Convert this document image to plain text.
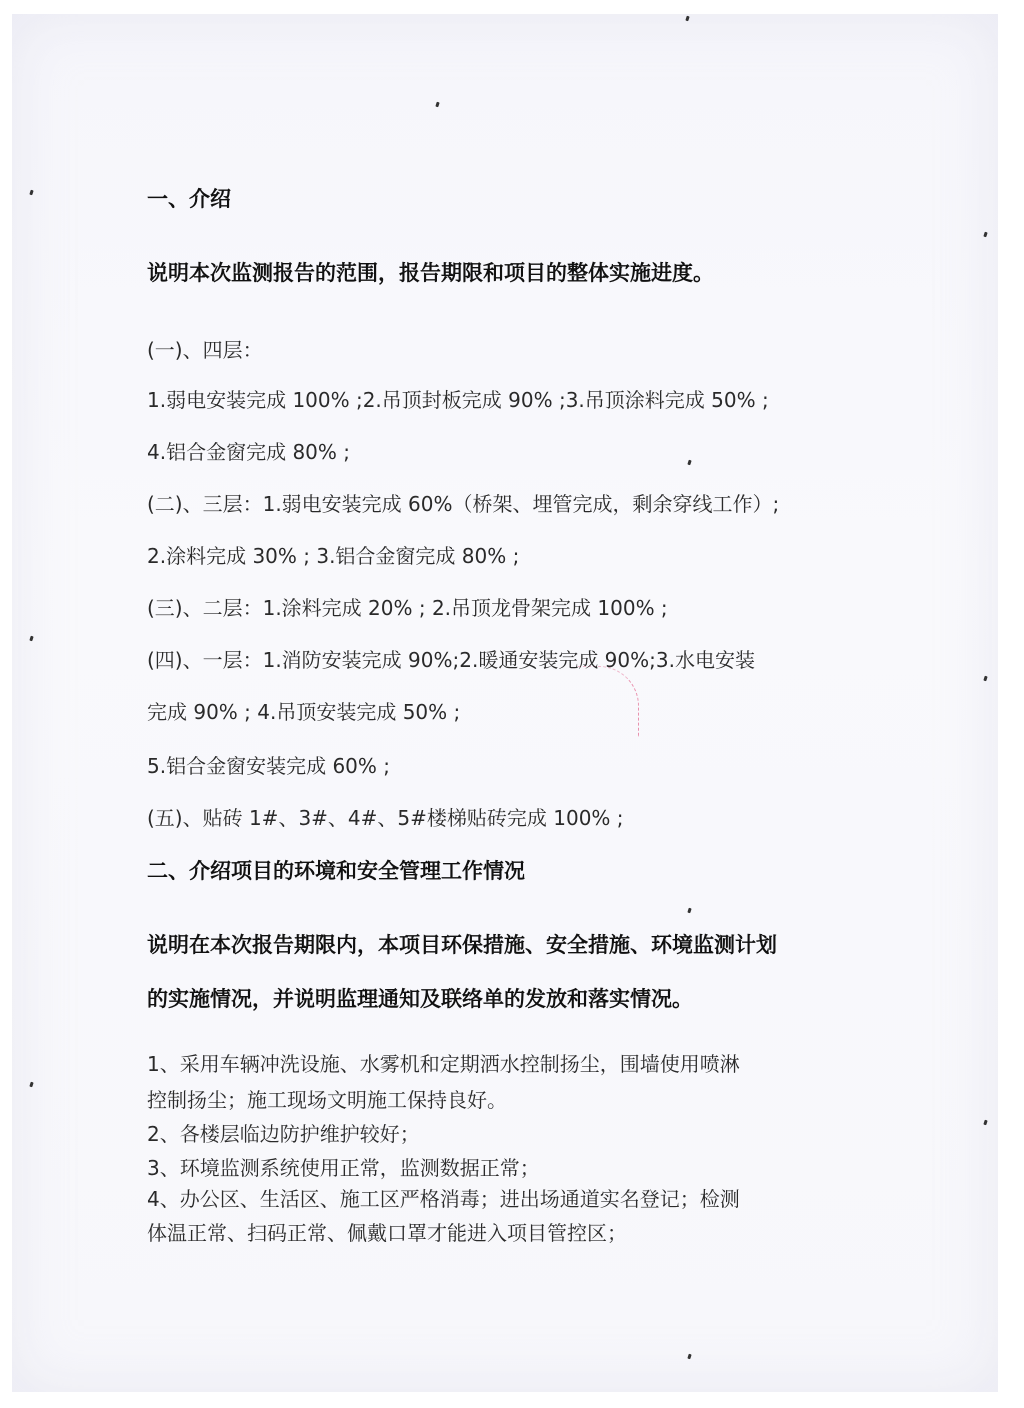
一、介绍
说明本次监测报告的范围，报告期限和项目的整体实施进度。
(一)、四层：
1.弱电安装完成 100% ;2.吊顶封板完成 90% ;3.吊顶涂料完成 50% ;
4.铝合金窗完成 80% ;
(二)、三层：1.弱电安装完成 60%（桥架、埋管完成，剩余穿线工作）;
2.涂料完成 30% ; 3.铝合金窗完成 80% ;
(三)、二层：1.涂料完成 20% ; 2.吊顶龙骨架完成 100% ;
(四)、一层：1.消防安装完成 90%;2.暖通安装完成 90%;3.水电安装
完成 90% ; 4.吊顶安装完成 50% ;
5.铝合金窗安装完成 60% ;
(五)、贴砖 1#、3#、4#、5#楼梯贴砖完成 100% ;
二、介绍项目的环境和安全管理工作情况
说明在本次报告期限内，本项目环保措施、安全措施、环境监测计划
的实施情况，并说明监理通知及联络单的发放和落实情况。
1、采用车辆冲洗设施、水雾机和定期洒水控制扬尘，围墙使用喷淋
控制扬尘；施工现场文明施工保持良好。
2、各楼层临边防护维护较好；
3、环境监测系统使用正常，监测数据正常；
4、办公区、生活区、施工区严格消毒；进出场通道实名登记；检测
体温正常、扫码正常、佩戴口罩才能进入项目管控区；
